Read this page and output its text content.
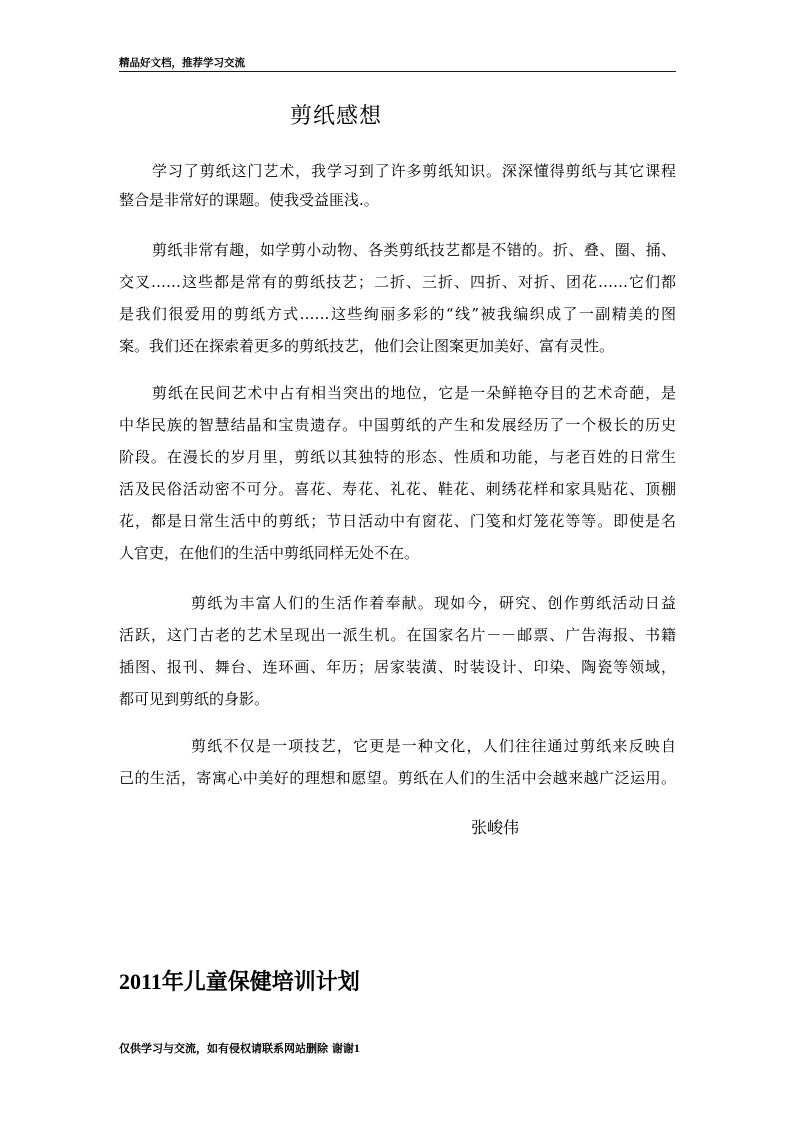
精品好文档，推荐学习交流
剪纸感想
学习了剪纸这门艺术，我学习到了许多剪纸知识。深深懂得剪纸与其它课程
整合是非常好的课题。使我受益匪浅.。
剪纸非常有趣，如学剪小动物、各类剪纸技艺都是不错的。折、叠、圈、捅、
交叉……这些都是常有的剪纸技艺；二折、三折、四折、对折、团花……它们都
是我们很爱用的剪纸方式……这些绚丽多彩的“线”被我编织成了一副精美的图
案。我们还在探索着更多的剪纸技艺，他们会让图案更加美好、富有灵性。
剪纸在民间艺术中占有相当突出的地位，它是一朵鲜艳夺目的艺术奇葩，是
中华民族的智慧结晶和宝贵遗存。中国剪纸的产生和发展经历了一个极长的历史
阶段。在漫长的岁月里，剪纸以其独特的形态、性质和功能，与老百姓的日常生
活及民俗活动密不可分。喜花、寿花、礼花、鞋花、刺绣花样和家具贴花、顶棚
花，都是日常生活中的剪纸；节日活动中有窗花、门笺和灯笼花等等。即使是名
人官吏，在他们的生活中剪纸同样无处不在。
剪纸为丰富人们的生活作着奉献。现如今，研究、创作剪纸活动日益
活跃，这门古老的艺术呈现出一派生机。在国家名片－－邮票、广告海报、书籍
插图、报刊、舞台、连环画、年历；居家装潢、时装设计、印染、陶瓷等领域，
都可见到剪纸的身影。
剪纸不仅是一项技艺，它更是一种文化，人们往往通过剪纸来反映自
己的生活，寄寓心中美好的理想和愿望。剪纸在人们的生活中会越来越广泛运用。
张峻伟
2011年儿童保健培训计划
仅供学习与交流，如有侵权请联系网站删除 谢谢1
